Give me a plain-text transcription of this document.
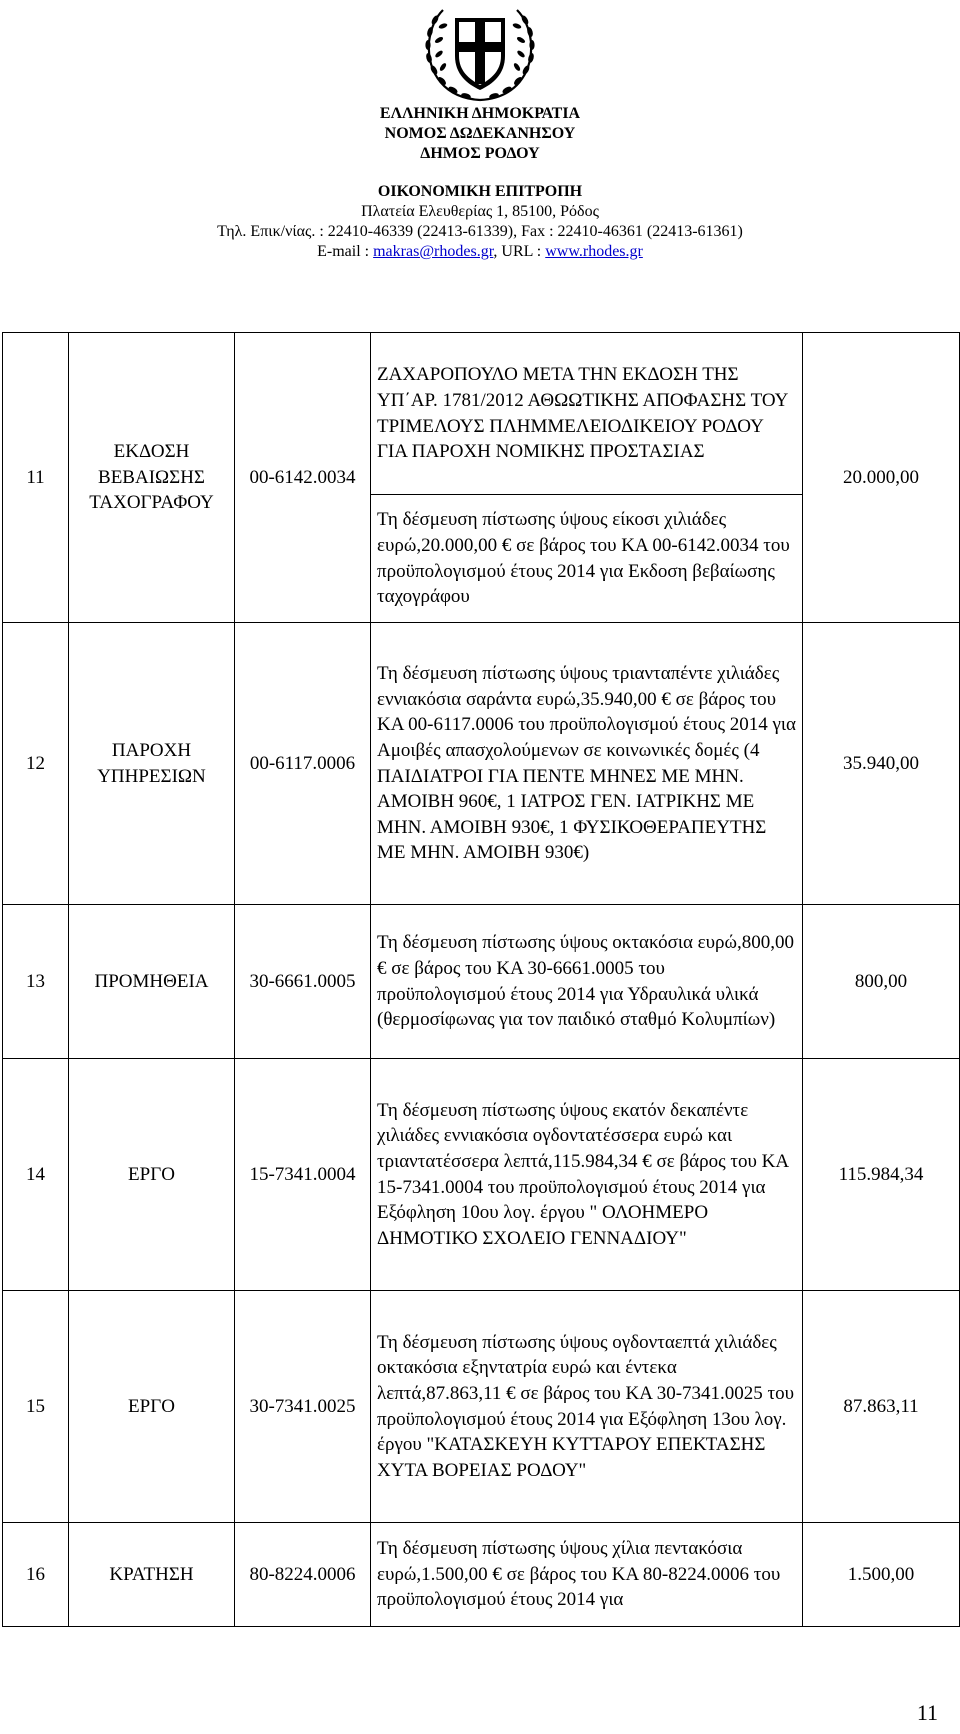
ΕΛΛΗΝΙΚΗ ΔΗΜΟΚΡΑΤΙΑ
ΝΟΜΟΣ ΔΩΔΕΚΑΝΗΣΟΥ
ΔΗΜΟΣ ΡΟΔΟΥ
ΟΙΚΟΝΟΜΙΚΗ ΕΠΙΤΡΟΠΗ
Πλατεία Ελευθερίας 1, 85100, Ρόδος
Τηλ. Επικ/νίας. : 22410-46339 (22413-61339), Fax : 22410-46361 (22413-61361)
E-mail : makras@rhodes.gr, URL : www.rhodes.gr
11	ΕΚΔΟΣΗ ΒΕΒΑΙΩΣΗΣ ΤΑΧΟΓΡΑΦΟΥ	00-6142.0034	ΖΑΧΑΡΟΠΟΥΛΟ ΜΕΤΑ ΤΗΝ ΕΚΔΟΣΗ ΤΗΣ ΥΠ΄ΑΡ. 1781/2012 ΑΘΩΩΤΙΚΗΣ ΑΠΟΦΑΣΗΣ ΤΟΥ ΤΡΙΜΕΛΟΥΣ ΠΛΗΜΜΕΛΕΙΟΔΙΚΕΙΟΥ ΡΟΔΟΥ ΓΙΑ ΠΑΡΟΧΗ ΝΟΜΙΚΗΣ ΠΡΟΣΤΑΣΙΑΣ	20.000,00
			Τη δέσμευση πίστωσης ύψους είκοσι χιλιάδες ευρώ,20.000,00 € σε βάρος του ΚΑ 00-6142.0034 του προϋπολογισμού έτους 2014 για Εκδοση βεβαίωσης ταχογράφου	
12	ΠΑΡΟΧΗ ΥΠΗΡΕΣΙΩΝ	00-6117.0006	Τη δέσμευση πίστωσης ύψους τριανταπέντε χιλιάδες εννιακόσια σαράντα ευρώ,35.940,00 € σε βάρος του ΚΑ 00-6117.0006 του προϋπολογισμού έτους 2014 για Αμοιβές απασχολούμενων σε κοινωνικές δομές (4 ΠΑΙΔΙΑΤΡΟΙ ΓΙΑ ΠΕΝΤΕ ΜΗΝΕΣ ΜΕ ΜΗΝ. ΑΜΟΙΒΗ 960€, 1 ΙΑΤΡΟΣ ΓΕΝ. ΙΑΤΡΙΚΗΣ ΜΕ ΜΗΝ. ΑΜΟΙΒΗ 930€, 1 ΦΥΣΙΚΟΘΕΡΑΠΕΥΤΗΣ ΜΕ ΜΗΝ. ΑΜΟΙΒΗ 930€)	35.940,00
13	ΠΡΟΜΗΘΕΙΑ	30-6661.0005	Τη δέσμευση πίστωσης ύψους οκτακόσια ευρώ,800,00 € σε βάρος του ΚΑ 30-6661.0005 του προϋπολογισμού έτους 2014 για Υδραυλικά υλικά (θερμοσίφωνας για τον παιδικό σταθμό Κολυμπίων)	800,00
14	ΕΡΓΟ	15-7341.0004	Τη δέσμευση πίστωσης ύψους εκατόν δεκαπέντε χιλιάδες εννιακόσια ογδοντατέσσερα ευρώ και τριαντατέσσερα λεπτά,115.984,34 € σε βάρος του ΚΑ 15-7341.0004 του προϋπολογισμού έτους 2014 για Εξόφληση 10ου λογ. έργου " ΟΛΟΗΜΕΡΟ ΔΗΜΟΤΙΚΟ ΣΧΟΛΕΙΟ ΓΕΝΝΑΔΙΟΥ"	115.984,34
15	ΕΡΓΟ	30-7341.0025	Τη δέσμευση πίστωσης ύψους ογδονταεπτά χιλιάδες οκτακόσια εξηντατρία ευρώ και έντεκα λεπτά,87.863,11 € σε βάρος του ΚΑ 30-7341.0025 του προϋπολογισμού έτους 2014 για Εξόφληση 13ου λογ. έργου "ΚΑΤΑΣΚΕΥΗ ΚΥΤΤΑΡΟΥ ΕΠΕΚΤΑΣΗΣ ΧΥΤΑ ΒΟΡΕΙΑΣ ΡΟΔΟΥ"	87.863,11
16	ΚΡΑΤΗΣΗ	80-8224.0006	Τη δέσμευση πίστωσης ύψους χίλια πεντακόσια ευρώ,1.500,00 € σε βάρος του ΚΑ 80-8224.0006 του προϋπολογισμού έτους 2014 για	1.500,00
11
